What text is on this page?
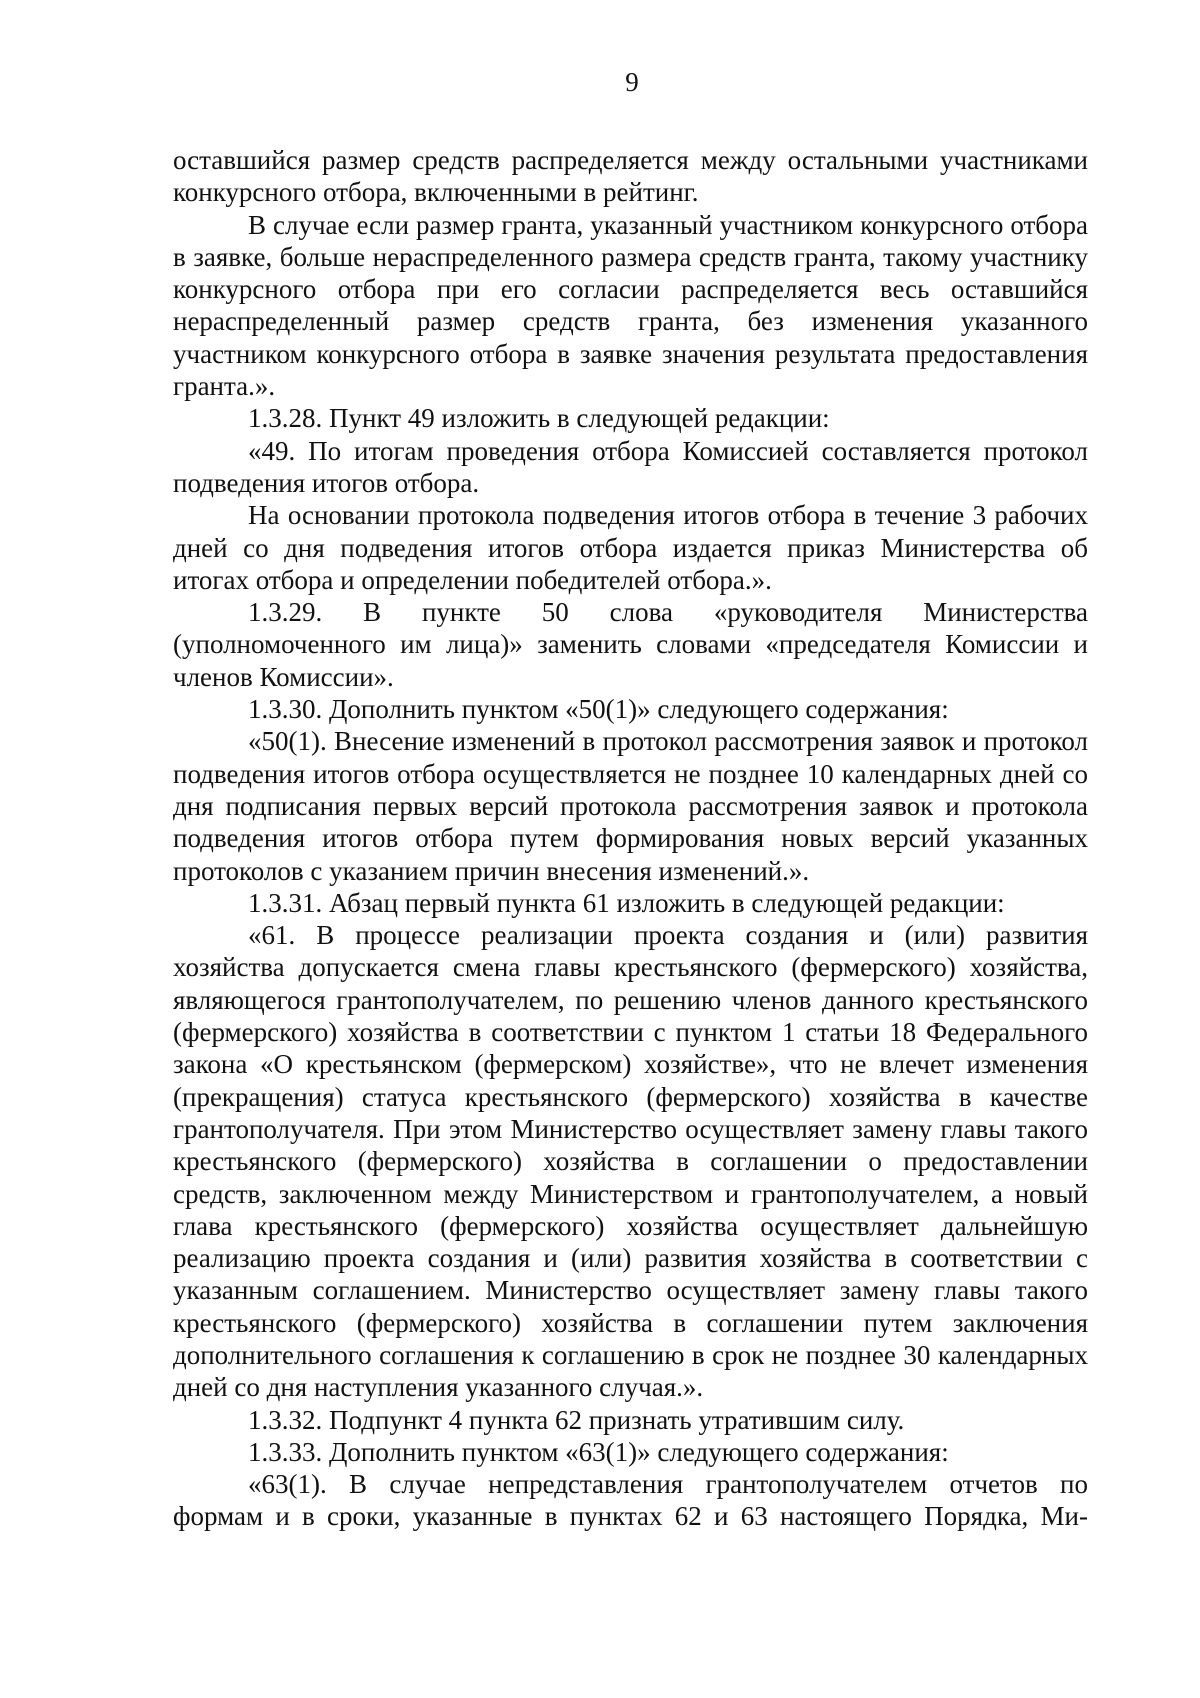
9

оставшийся размер средств распределяется между остальными участниками конкурсного отбора, включенными в рейтинг.

В случае если размер гранта, указанный участником конкурсного отбора в заявке, больше нераспределенного размера средств гранта, такому участнику конкурсного отбора при его согласии распределяется весь оставшийся нераспределенный размер средств гранта, без изменения указанного участником конкурсного отбора в заявке значения результата предоставления гранта.».

1.3.28. Пункт 49 изложить в следующей редакции:

«49. По итогам проведения отбора Комиссией составляется протокол подведения итогов отбора.

На основании протокола подведения итогов отбора в течение 3 рабочих дней со дня подведения итогов отбора издается приказ Министерства об итогах отбора и определении победителей отбора.».

1.3.29. В пункте 50 слова «руководителя Министерства (уполномоченного им лица)» заменить словами «председателя Комиссии и членов Комиссии».

1.3.30. Дополнить пунктом «50(1)» следующего содержания:

«50(1). Внесение изменений в протокол рассмотрения заявок и протокол подведения итогов отбора осуществляется не позднее 10 календарных дней со дня подписания первых версий протокола рассмотрения заявок и протокола подведения итогов отбора путем формирования новых версий указанных протоколов с указанием причин внесения изменений.».

1.3.31. Абзац первый пункта 61 изложить в следующей редакции:

«61. В процессе реализации проекта создания и (или) развития хозяйства допускается смена главы крестьянского (фермерского) хозяйства, являющегося грантополучателем, по решению членов данного крестьянского (фермерского) хозяйства в соответствии с пунктом 1 статьи 18 Федерального закона «О крестьянском (фермерском) хозяйстве», что не влечет изменения (прекращения) статуса крестьянского (фермерского) хозяйства в качестве грантополучателя. При этом Министерство осуществляет замену главы такого крестьянского (фермерского) хозяйства в соглашении о предоставлении средств, заключенном между Министерством и грантополучателем, а новый глава крестьянского (фермерского) хозяйства осуществляет дальнейшую реализацию проекта создания и (или) развития хозяйства в соответствии с указанным соглашением. Министерство осуществляет замену главы такого крестьянского (фермерского) хозяйства в соглашении путем заключения дополнительного соглашения к соглашению в срок не позднее 30 календарных дней со дня наступления указанного случая.».

1.3.32. Подпункт 4 пункта 62 признать утратившим силу.

1.3.33. Дополнить пунктом «63(1)» следующего содержания:

«63(1). В случае непредставления грантополучателем отчетов по формам и в сроки, указанные в пунктах 62 и 63 настоящего Порядка, Ми-
